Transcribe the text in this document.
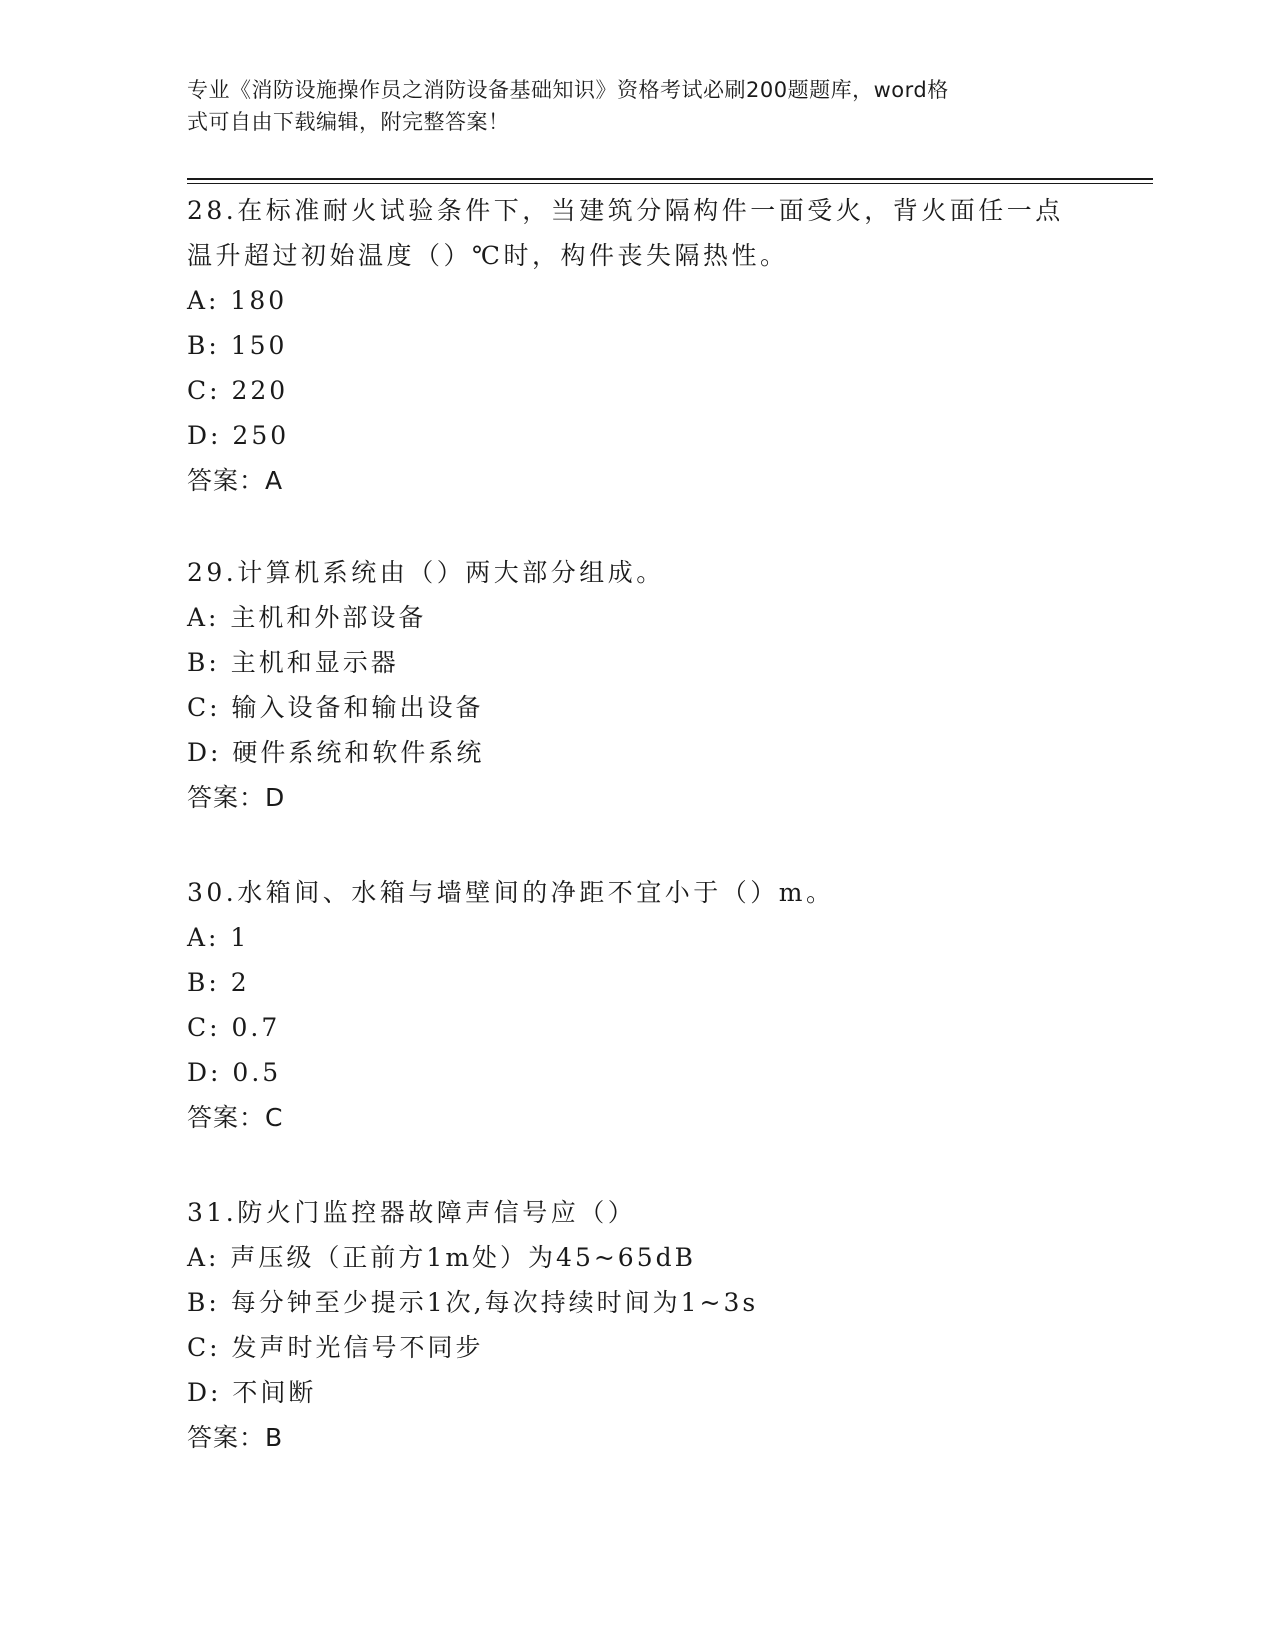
专业《消防设施操作员之消防设备基础知识》资格考试必刷200题题库，word格
式可自由下载编辑，附完整答案！

28.在标准耐火试验条件下，当建筑分隔构件一面受火，背火面任一点

温升超过初始温度（）℃时，构件丧失隔热性。

A: 180

B: 150

C: 220

D: 250

答案：A

29.计算机系统由（）两大部分组成。

A: 主机和外部设备

B: 主机和显示器

C: 输入设备和输出设备

D: 硬件系统和软件系统

答案：D

30.水箱间、水箱与墙壁间的净距不宜小于（）m。

A: 1

B: 2

C: 0.7

D: 0.5

答案：C

31.防火门监控器故障声信号应（）

A: 声压级（正前方1m处）为45~65dB

B: 每分钟至少提示1次,每次持续时间为1~3s

C: 发声时光信号不同步

D: 不间断

答案：B
